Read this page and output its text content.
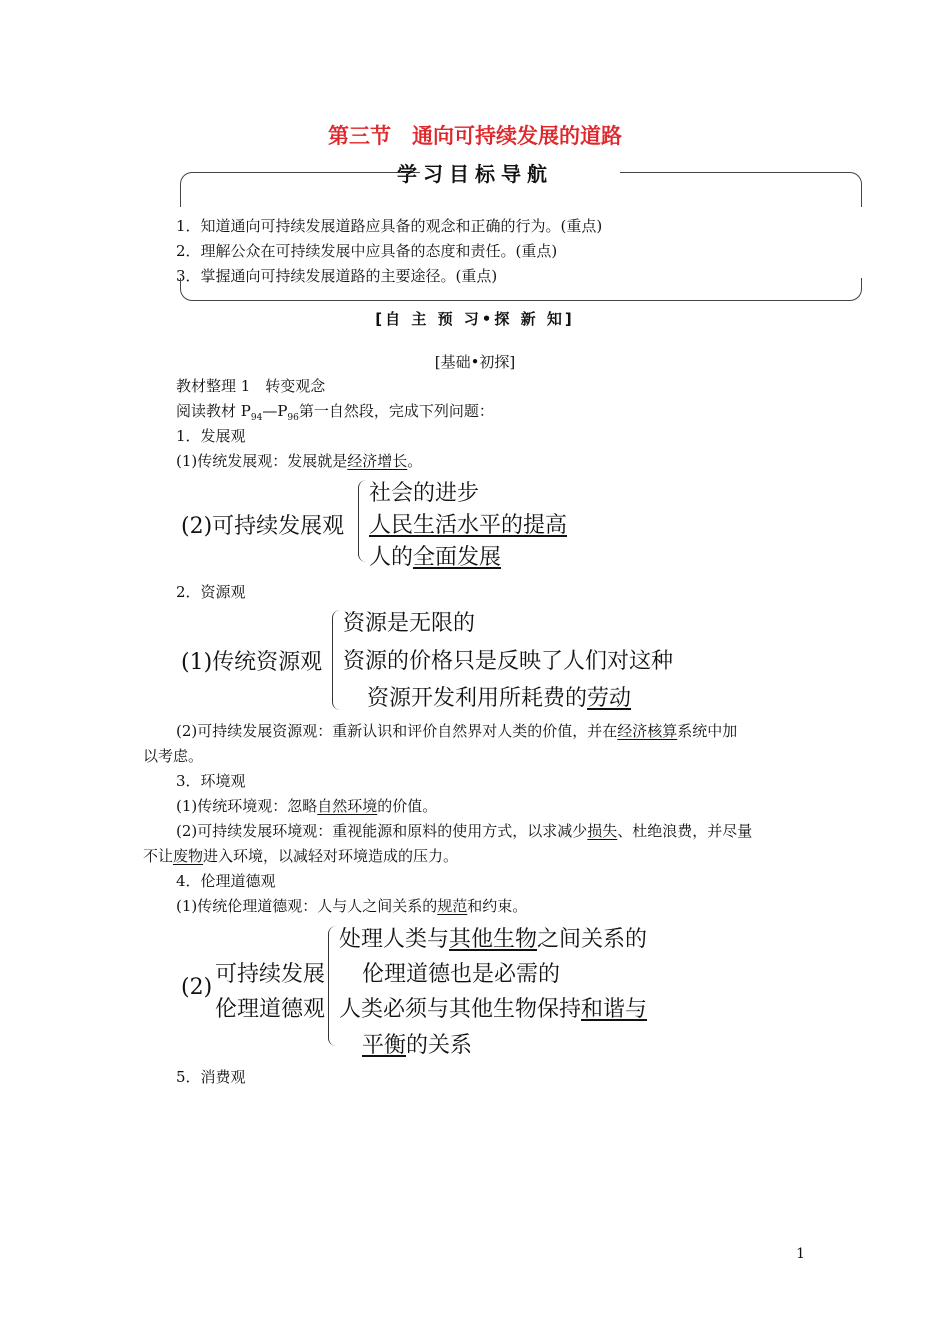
第三节　通向可持续发展的道路
学习目标导航
1．知道通向可持续发展道路应具备的观念和正确的行为。(重点)
2．理解公众在可持续发展中应具备的态度和责任。(重点)
3．掌握通向可持续发展道路的主要途径。(重点)
[自 主 预 习•探 新 知]
[基础•初探]
教材整理 1　转变观念
阅读教材 $P_{94}—P_{96}$第一自然段，完成下列问题：
1．发展观
(1)传统发展观：发展就是经济增长。
(2)可持续发展观
社会的进步
人民生活水平的提高
人的全面发展
2．资源观
(1)传统资源观
资源是无限的
资源的价格只是反映了人们对这种
资源开发利用所耗费的劳动
(2)可持续发展资源观：重新认识和评价自然界对人类的价值，并在经济核算系统中加
以考虑。
3．环境观
(1)传统环境观：忽略自然环境的价值。
(2)可持续发展环境观：重视能源和原料的使用方式，以求减少损失、杜绝浪费，并尽量
不让废物进入环境，以减轻对环境造成的压力。
4．伦理道德观
(1)传统伦理道德观：人与人之间关系的规范和约束。
(2)
可持续发展
伦理道德观
处理人类与其他生物之间关系的
伦理道德也是必需的
人类必须与其他生物保持和谐与
平衡的关系
5．消费观
1
